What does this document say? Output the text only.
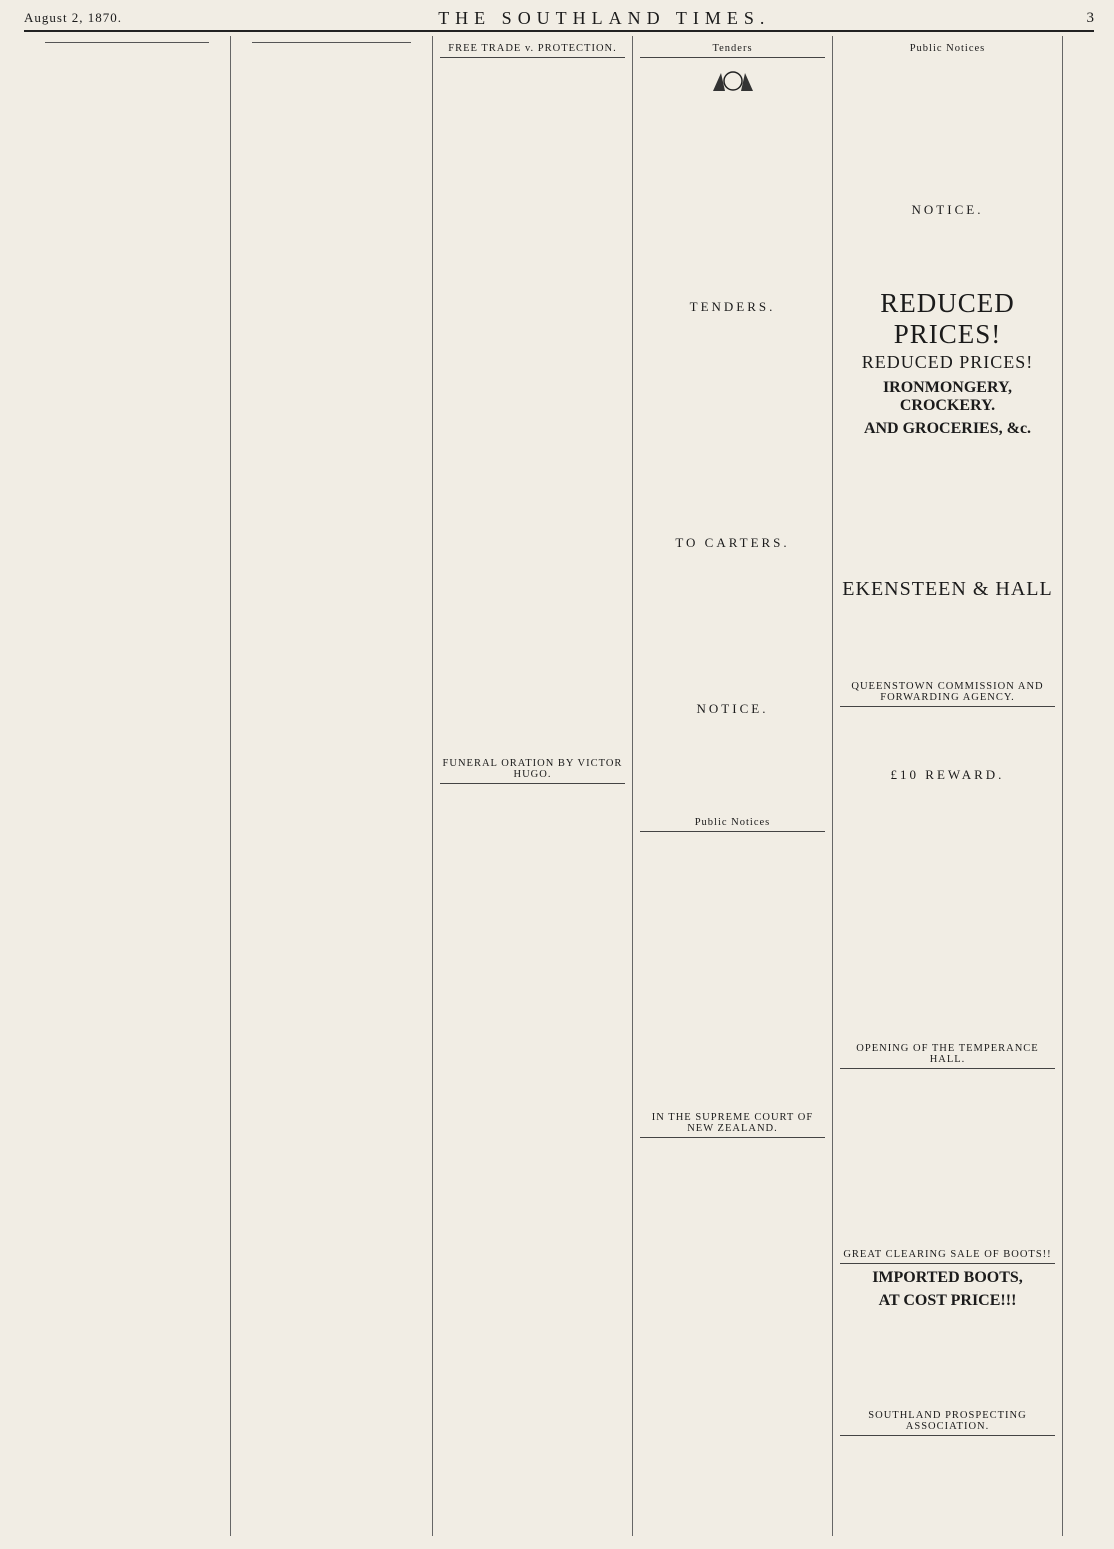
August 2, 1870.	THE SOUTHLAND TIMES.	3
FREE TRADE v. PROTECTION.
FUNERAL ORATION BY VICTOR HUGO.
Tenders
TENDERS.
TO CARTERS.
NOTICE.
Public Notices
IN THE SUPREME COURT OF NEW ZEALAND.
Public Notices
NOTICE.
REDUCED PRICES!
REDUCED PRICES!
IRONMONGERY, CROCKERY.
AND GROCERIES, &c.
EKENSTEEN & HALL
QUEENSTOWN COMMISSION AND FORWARDING AGENCY.
£10 REWARD.
OPENING OF THE TEMPERANCE HALL.
GREAT CLEARING SALE OF BOOTS!!
IMPORTED BOOTS,
AT COST PRICE!!!
SOUTHLAND PROSPECTING ASSOCIATION.
